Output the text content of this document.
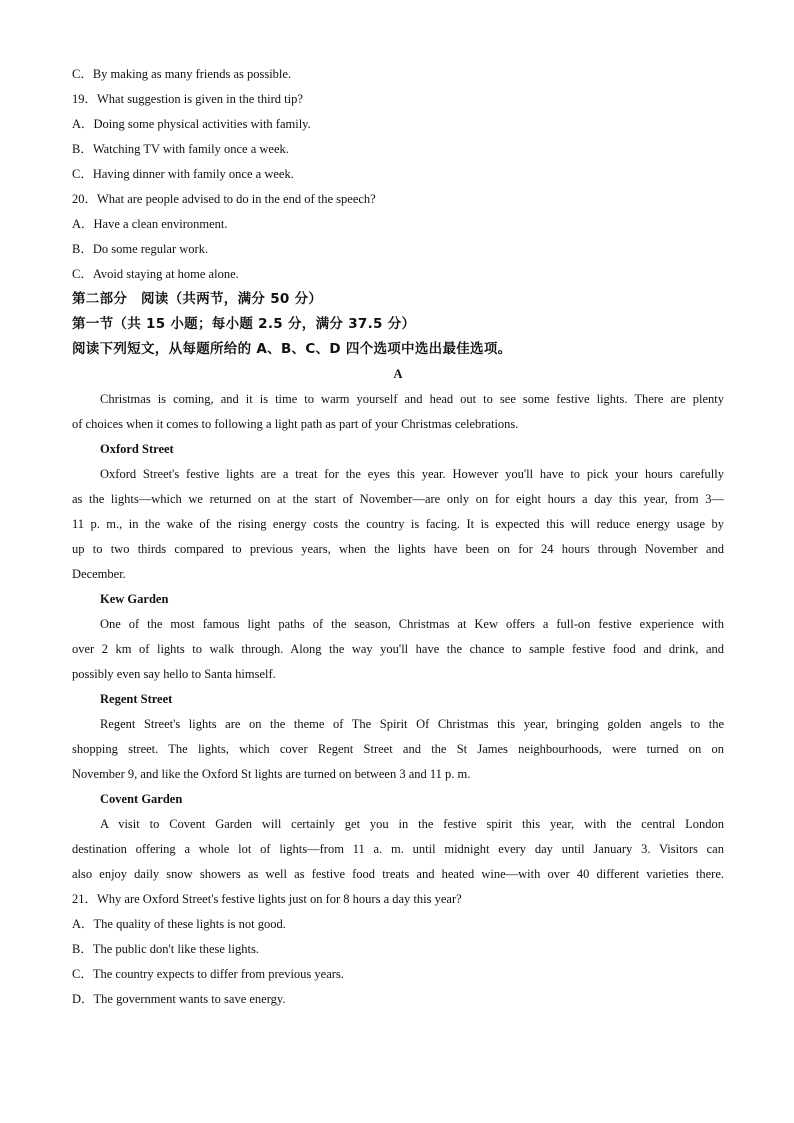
C．By making as many friends as possible.
19．What suggestion is given in the third tip?
A．Doing some physical activities with family.
B．Watching TV with family once a week.
C．Having dinner with family once a week.
20．What are people advised to do in the end of the speech?
A．Have a clean environment.
B．Do some regular work.
C．Avoid staying at home alone.
第二部分　阅读（共两节，满分 50 分）
第一节（共 15 小题；每小题 2.5 分，满分 37.5 分）
阅读下列短文，从每题所给的 A、B、C、D 四个选项中选出最佳选项。
A
Christmas is coming, and it is time to warm yourself and head out to see some festive lights. There are plenty
of choices when it comes to following a light path as part of your Christmas celebrations.
Oxford Street
Oxford Street's festive lights are a treat for the eyes this year. However you'll have to pick your hours carefully
as the lights—which we returned on at the start of November—are only on for eight hours a day this year, from 3—
11 p. m., in the wake of the rising energy costs the country is facing. It is expected this will reduce energy usage by
up to two thirds compared to previous years, when the lights have been on for 24 hours through November and
December.
Kew Garden
One of the most famous light paths of the season, Christmas at Kew offers a full-on festive experience with
over 2 km of lights to walk through. Along the way you'll have the chance to sample festive food and drink, and
possibly even say hello to Santa himself.
Regent Street
Regent Street's lights are on the theme of The Spirit Of Christmas this year, bringing golden angels to the
shopping street. The lights, which cover Regent Street and the St James neighbourhoods, were turned on on
November 9, and like the Oxford St lights are turned on between 3 and 11 p. m.
Covent Garden
A visit to Covent Garden will certainly get you in the festive spirit this year, with the central London
destination offering a whole lot of lights—from 11 a. m. until midnight every day until January 3. Visitors can
also enjoy daily snow showers as well as festive food treats and heated wine—with over 40 different varieties there.
21．Why are Oxford Street's festive lights just on for 8 hours a day this year?
A．The quality of these lights is not good.
B．The public don't like these lights.
C．The country expects to differ from previous years.
D．The government wants to save energy.
